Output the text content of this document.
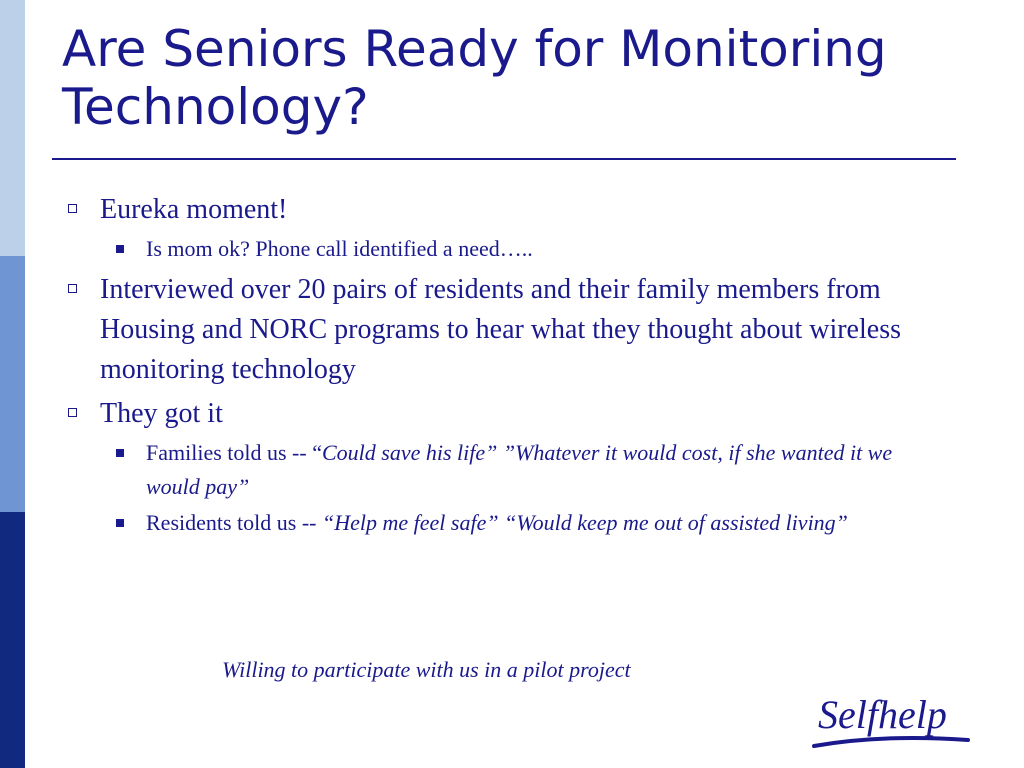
Are Seniors Ready for Monitoring Technology?
Eureka moment!
Is mom ok? Phone call identified a need…..
Interviewed over 20 pairs of residents and their family members from Housing and NORC programs to hear what they thought about wireless monitoring technology
They got it
Families told us -- “Could save his life” ”Whatever it would cost, if she wanted it we would pay”
Residents told us -- “Help me feel safe” “Would keep me out of assisted living”
Willing to participate with us in a pilot project
Selfhelp
